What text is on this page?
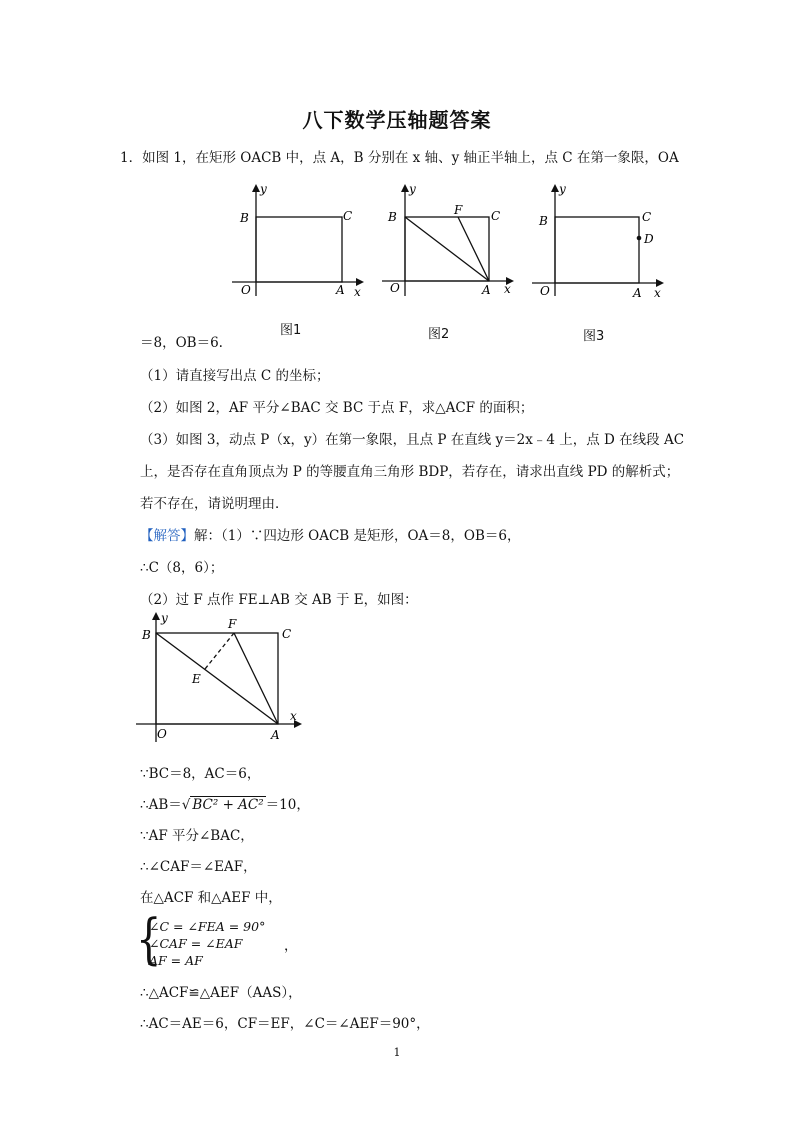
八下数学压轴题答案
1．如图 1，在矩形 OACB 中，点 A，B 分别在 x 轴、y 轴正半轴上，点 C 在第一象限，OA
y
B	C
O	A x
图1
y
B	F C
O	A x
图2
y
B	C
D
O	A x
图3
＝8，OB＝6.
（1）请直接写出点 C 的坐标；
（2）如图 2，AF 平分∠BAC 交 BC 于点 F，求△ACF 的面积；
（3）如图 3，动点 P（x，y）在第一象限，且点 P 在直线 y＝2x﹣4 上，点 D 在线段 AC
上，是否存在直角顶点为 P 的等腰直角三角形 BDP，若存在，请求出直线 PD 的解析式；
若不存在，请说明理由．
【解答】解：（1）∵四边形 OACB 是矩形，OA＝8，OB＝6，
∴C（8，6）；
（2）过 F 点作 FE⊥AB 交 AB 于 E，如图：
y
B
F
C
E
x
O	A
∵BC＝8，AC＝6，
∴AB＝√ BC² + AC² ＝10，
∵AF 平分∠BAC，
∴∠CAF＝∠EAF，
在△ACF 和△AEF 中，
{
∠C = ∠FEA = 90°
∠CAF = ∠EAF
AF = AF
，
∴△ACF≌△AEF（AAS），
∴AC＝AE＝6，CF＝EF，∠C＝∠AEF＝90°，
1
